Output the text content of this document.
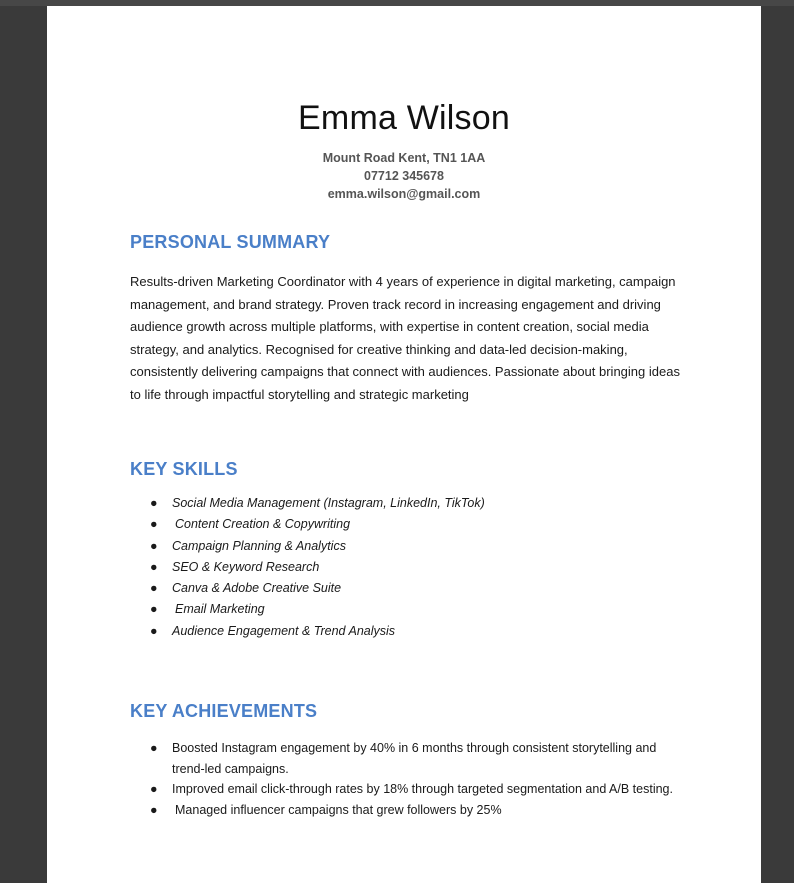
Emma Wilson
Mount Road Kent, TN1 1AA
07712 345678
emma.wilson@gmail.com
PERSONAL SUMMARY
Results-driven Marketing Coordinator with 4 years of experience in digital marketing, campaign management, and brand strategy. Proven track record in increasing engagement and driving audience growth across multiple platforms, with expertise in content creation, social media strategy, and analytics. Recognised for creative thinking and data-led decision-making, consistently delivering campaigns that connect with audiences. Passionate about bringing ideas to life through impactful storytelling and strategic marketing
KEY SKILLS
● Social Media Management (Instagram, LinkedIn, TikTok)
● Content Creation & Copywriting
● Campaign Planning & Analytics
● SEO & Keyword Research
● Canva & Adobe Creative Suite
● Email Marketing
● Audience Engagement & Trend Analysis
KEY ACHIEVEMENTS
● Boosted Instagram engagement by 40% in 6 months through consistent storytelling and trend-led campaigns.
● Improved email click-through rates by 18% through targeted segmentation and A/B testing.
● Managed influencer campaigns that grew followers by 25%
